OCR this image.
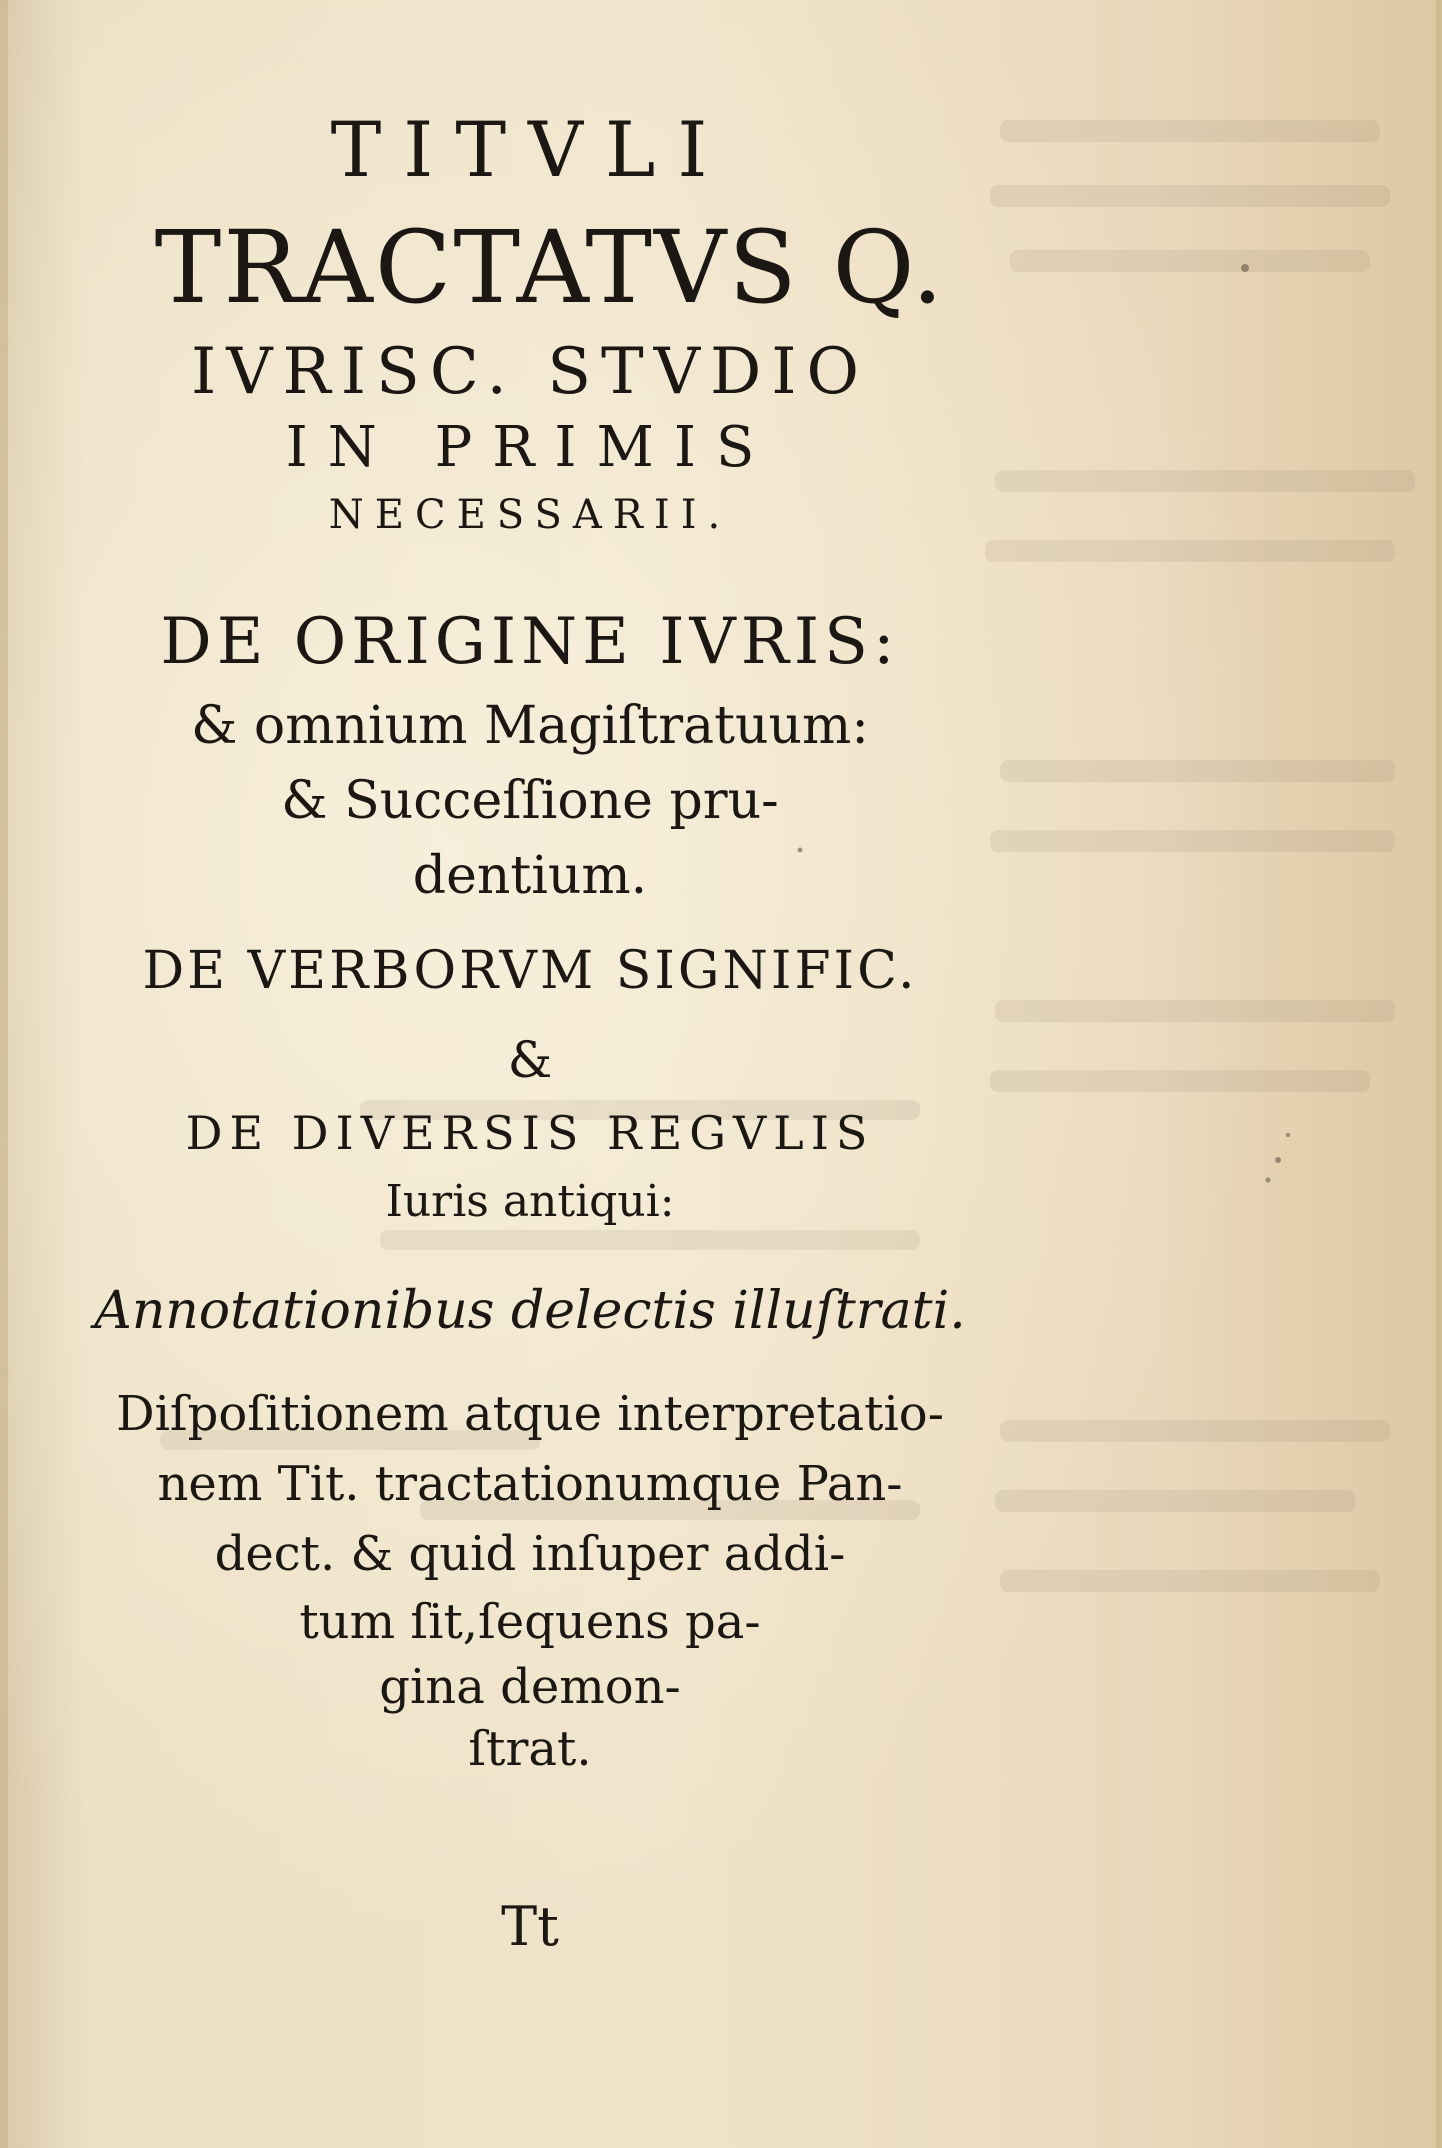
TITVLI
TRACTATVS Q.
IVRISC. STVDIO
IN PRIMIS
NECESSARII.
DE ORIGINE IVRIS:
& omnium Magiſtratuum:
& Succeſſione pru-
dentium.
DE VERBORVM SIGNIFIC.
&
DE DIVERSIS REGVLIS
Iuris antiqui:
Annotationibus delectis illuſtrati.
Diſpoſitionem atque interpretatio-
nem Tit. tractationumque Pan-
dect. & quid inſuper addi-
tum ſit,ſequens pa-
gina demon-
ſtrat.
Tt
